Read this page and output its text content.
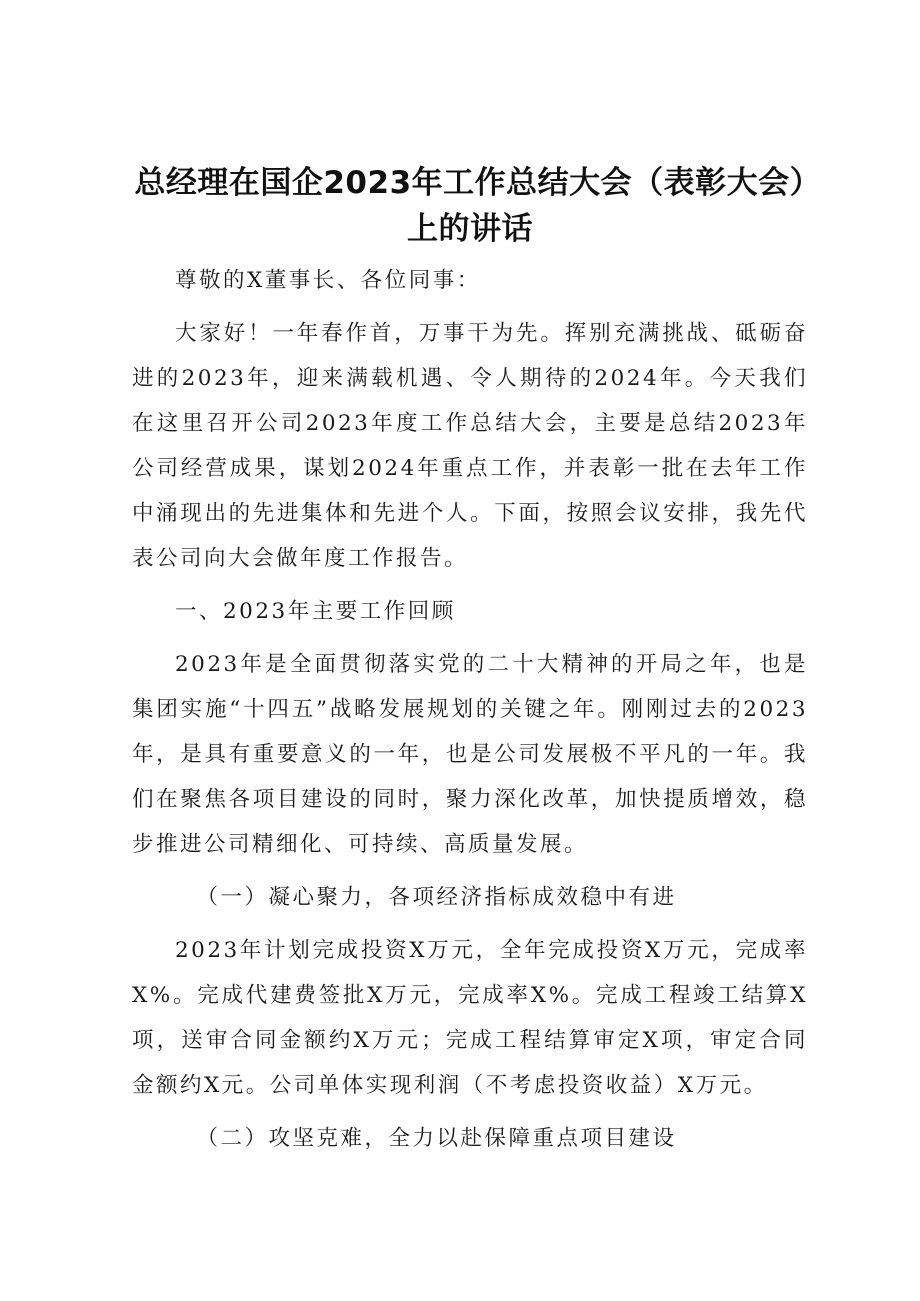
总经理在国企2023年工作总结大会（表彰大会）上的讲话

尊敬的X董事长、各位同事：

大家好！一年春作首，万事干为先。挥别充满挑战、砥砺奋进的2023年，迎来满载机遇、令人期待的2024年。今天我们在这里召开公司2023年度工作总结大会，主要是总结2023年公司经营成果，谋划2024年重点工作，并表彰一批在去年工作中涌现出的先进集体和先进个人。下面，按照会议安排，我先代表公司向大会做年度工作报告。

一、2023年主要工作回顾

2023年是全面贯彻落实党的二十大精神的开局之年，也是集团实施“十四五”战略发展规划的关键之年。刚刚过去的2023年，是具有重要意义的一年，也是公司发展极不平凡的一年。我们在聚焦各项目建设的同时，聚力深化改革，加快提质增效，稳步推进公司精细化、可持续、高质量发展。

（一）凝心聚力，各项经济指标成效稳中有进

2023年计划完成投资X万元，全年完成投资X万元，完成率X%。完成代建费签批X万元，完成率X%。完成工程竣工结算X项，送审合同金额约X万元；完成工程结算审定X项，审定合同金额约X元。公司单体实现利润（不考虑投资收益）X万元。

（二）攻坚克难，全力以赴保障重点项目建设
